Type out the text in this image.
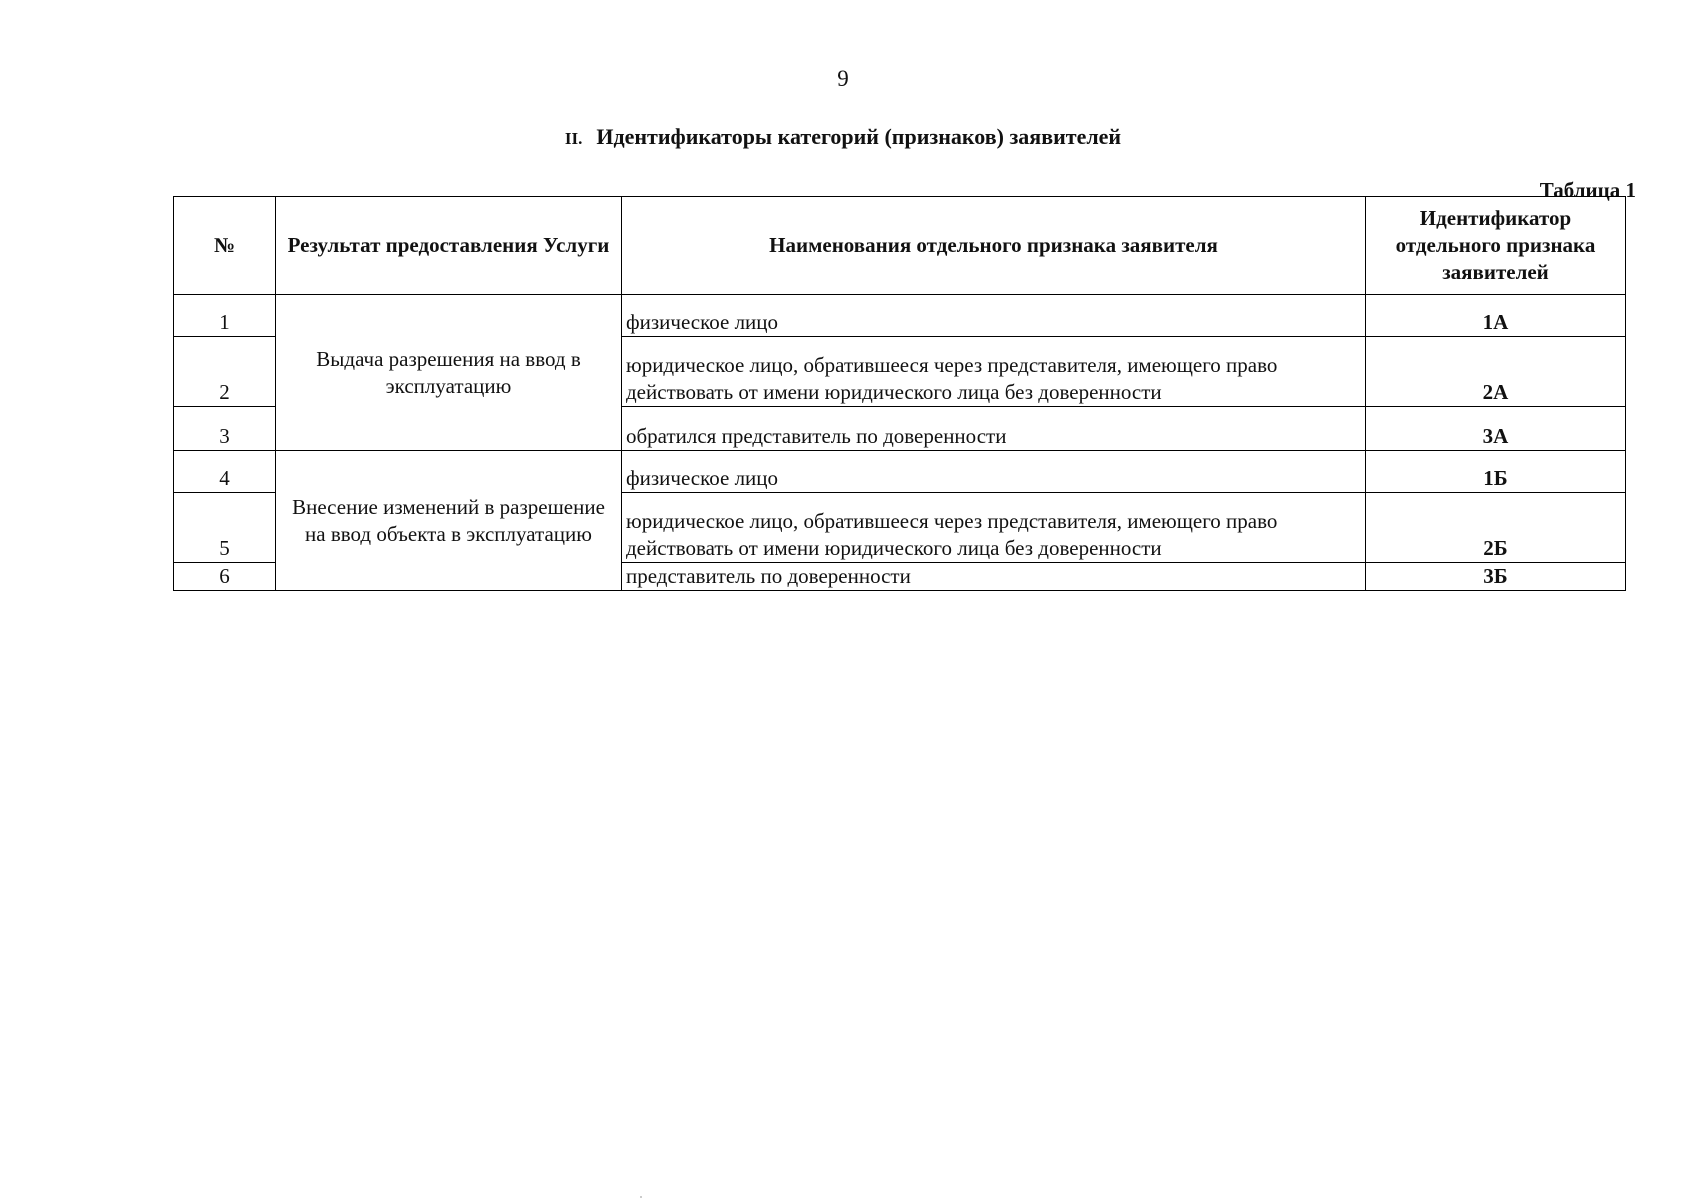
9
II. Идентификаторы категорий (признаков) заявителей
Таблица 1
№	Результат предоставления Услуги	Наименования отдельного признака заявителя	Идентификатор отдельного признака заявителей
1	Выдача разрешения на ввод в эксплуатацию	физическое лицо	1А
2		юридическое лицо, обратившееся через представителя, имеющего право действовать от имени юридического лица без доверенности	2А
3		обратился представитель по доверенности	3А
4	Внесение изменений в разрешение на ввод объекта в эксплуатацию	физическое лицо	1Б
5		юридическое лицо, обратившееся через представителя, имеющего право действовать от имени юридического лица без доверенности	2Б
6		представитель по доверенности	3Б
